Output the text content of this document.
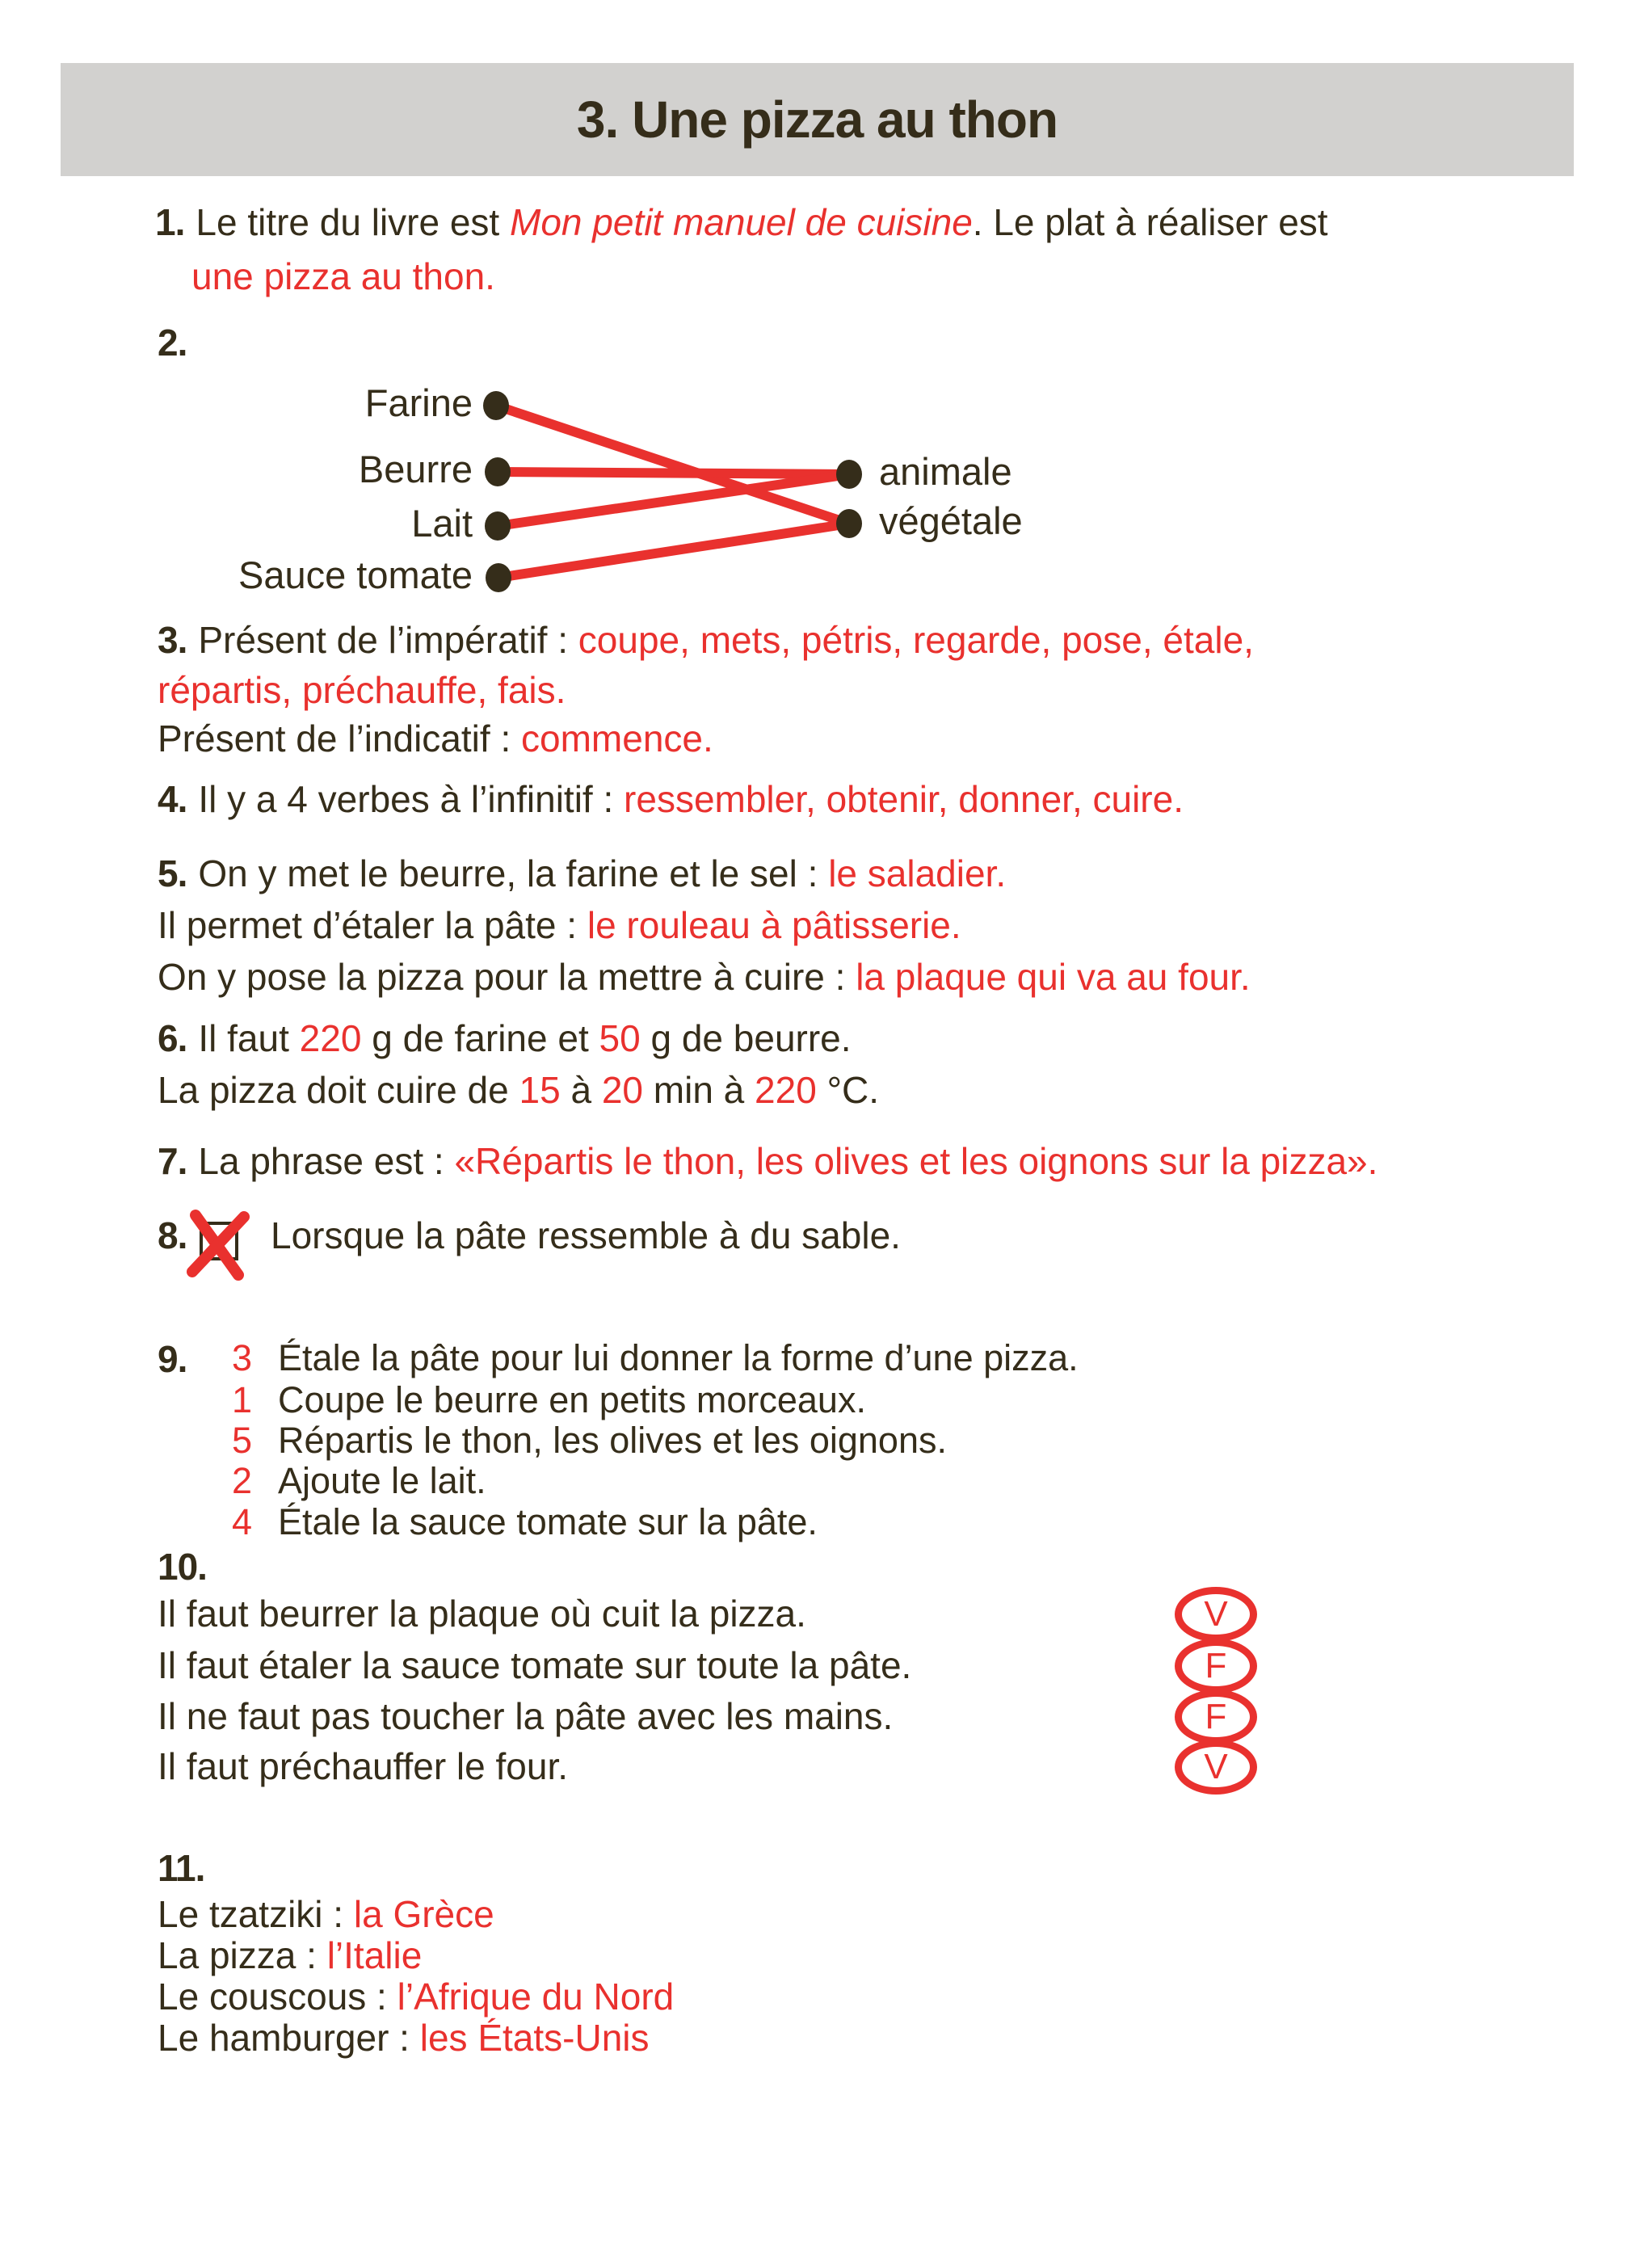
3. Une pizza au thon
1. Le titre du livre est Mon petit manuel de cuisine. Le plat à réaliser est
une pizza au thon.
2.
Farine
Beurre
Lait
Sauce tomate
animale
végétale
3. Présent de l’impératif : coupe, mets, pétris, regarde, pose, étale,
répartis, préchauffe, fais.
Présent de l’indicatif : commence.
4. Il y a 4 verbes à l’infinitif : ressembler, obtenir, donner, cuire.
5. On y met le beurre, la farine et le sel : le saladier.
Il permet d’étaler la pâte : le rouleau à pâtisserie.
On y pose la pizza pour la mettre à cuire : la plaque qui va au four.
6. Il faut 220 g de farine et 50 g de beurre.
La pizza doit cuire de 15 à 20 min à 220 °C.
7. La phrase est : «Répartis le thon, les olives et les oignons sur la pizza».
8. Lorsque la pâte ressemble à du sable.
9. 3 Étale la pâte pour lui donner la forme d’une pizza.
1 Coupe le beurre en petits morceaux.
5 Répartis le thon, les olives et les oignons.
2 Ajoute le lait.
4 Étale la sauce tomate sur la pâte.
10.
Il faut beurrer la plaque où cuit la pizza.
Il faut étaler la sauce tomate sur toute la pâte.
Il ne faut pas toucher la pâte avec les mains.
Il faut préchauffer le four.
V
F
F
V
11.
Le tzatziki : la Grèce
La pizza : l’Italie
Le couscous : l’Afrique du Nord
Le hamburger : les États-Unis
